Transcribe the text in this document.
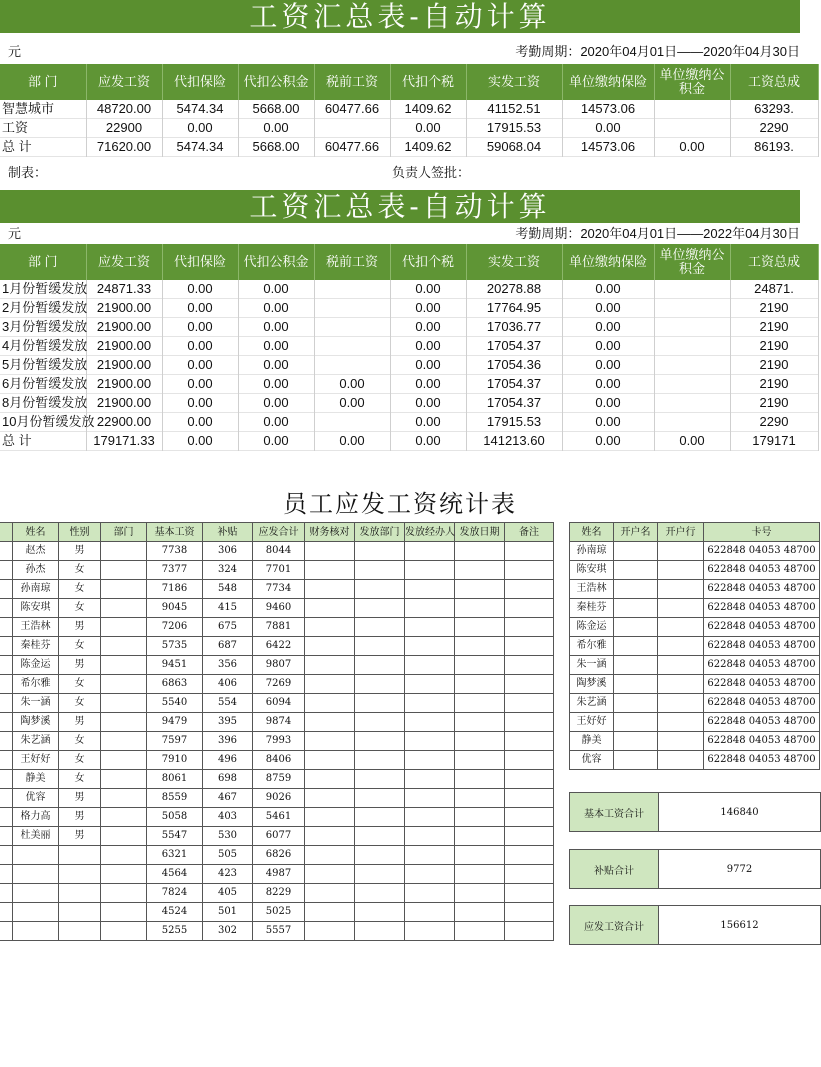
工资汇总表-自动计算
元	考勤周期：2020年04月01日——2020年04月30日
部 门	应发工资	代扣保险	代扣公积金	税前工资	代扣个税	实发工资	单位缴纳保险	单位缴纳公积金	工资总成
智慧城市	48720.00	5474.34	5668.00	60477.66	1409.62	41152.51	14573.06		63293.
工资	22900	0.00	0.00		0.00	17915.53	0.00		2290
总 计	71620.00	5474.34	5668.00	60477.66	1409.62	59068.04	14573.06	0.00	86193.
制表：	负责人签批：
工资汇总表-自动计算
元	考勤周期：2020年04月01日——2022年04月30日
部 门	应发工资	代扣保险	代扣公积金	税前工资	代扣个税	实发工资	单位缴纳保险	单位缴纳公积金	工资总成
1月份暂缓发放	24871.33	0.00	0.00		0.00	20278.88	0.00		24871.
2月份暂缓发放	21900.00	0.00	0.00		0.00	17764.95	0.00		2190
3月份暂缓发放	21900.00	0.00	0.00		0.00	17036.77	0.00		2190
4月份暂缓发放	21900.00	0.00	0.00		0.00	17054.37	0.00		2190
5月份暂缓发放	21900.00	0.00	0.00		0.00	17054.36	0.00		2190
6月份暂缓发放	21900.00	0.00	0.00	0.00	0.00	17054.37	0.00		2190
8月份暂缓发放	21900.00	0.00	0.00	0.00	0.00	17054.37	0.00		2190
10月份暂缓发放	22900.00	0.00	0.00		0.00	17915.53	0.00		2290
总 计	179171.33	0.00	0.00	0.00	0.00	141213.60	0.00	0.00	179171
员工应发工资统计表
	姓名	性别	部门	基本工资	补贴	应发合计	财务核对	发放部门	发放经办人	发放日期	备注
	赵杰	男		7738	306	8044					
	孙杰	女		7377	324	7701					
	孙南琼	女		7186	548	7734					
	陈安琪	女		9045	415	9460					
	王浩林	男		7206	675	7881					
	秦桂芬	女		5735	687	6422					
	陈金运	男		9451	356	9807					
	希尔雅	女		6863	406	7269					
	朱一涵	女		5540	554	6094					
	陶梦溪	男		9479	395	9874					
	朱艺涵	女		7597	396	7993					
	王好好	女		7910	496	8406					
	静美	女		8061	698	8759					
	优容	男		8559	467	9026					
	格力高	男		5058	403	5461					
	杜美丽	男		5547	530	6077					
				6321	505	6826					
				4564	423	4987					
				7824	405	8229					
				4524	501	5025					
				5255	302	5557					
姓名	开户名	开户行	卡号
孙南琼			622848 04053 48700
陈安琪			622848 04053 48700
王浩林			622848 04053 48700
秦桂芬			622848 04053 48700
陈金运			622848 04053 48700
希尔雅			622848 04053 48700
朱一涵			622848 04053 48700
陶梦溪			622848 04053 48700
朱艺涵			622848 04053 48700
王好好			622848 04053 48700
静美			622848 04053 48700
优容			622848 04053 48700
基本工资合计	146840
补贴合计	9772
应发工资合计	156612
